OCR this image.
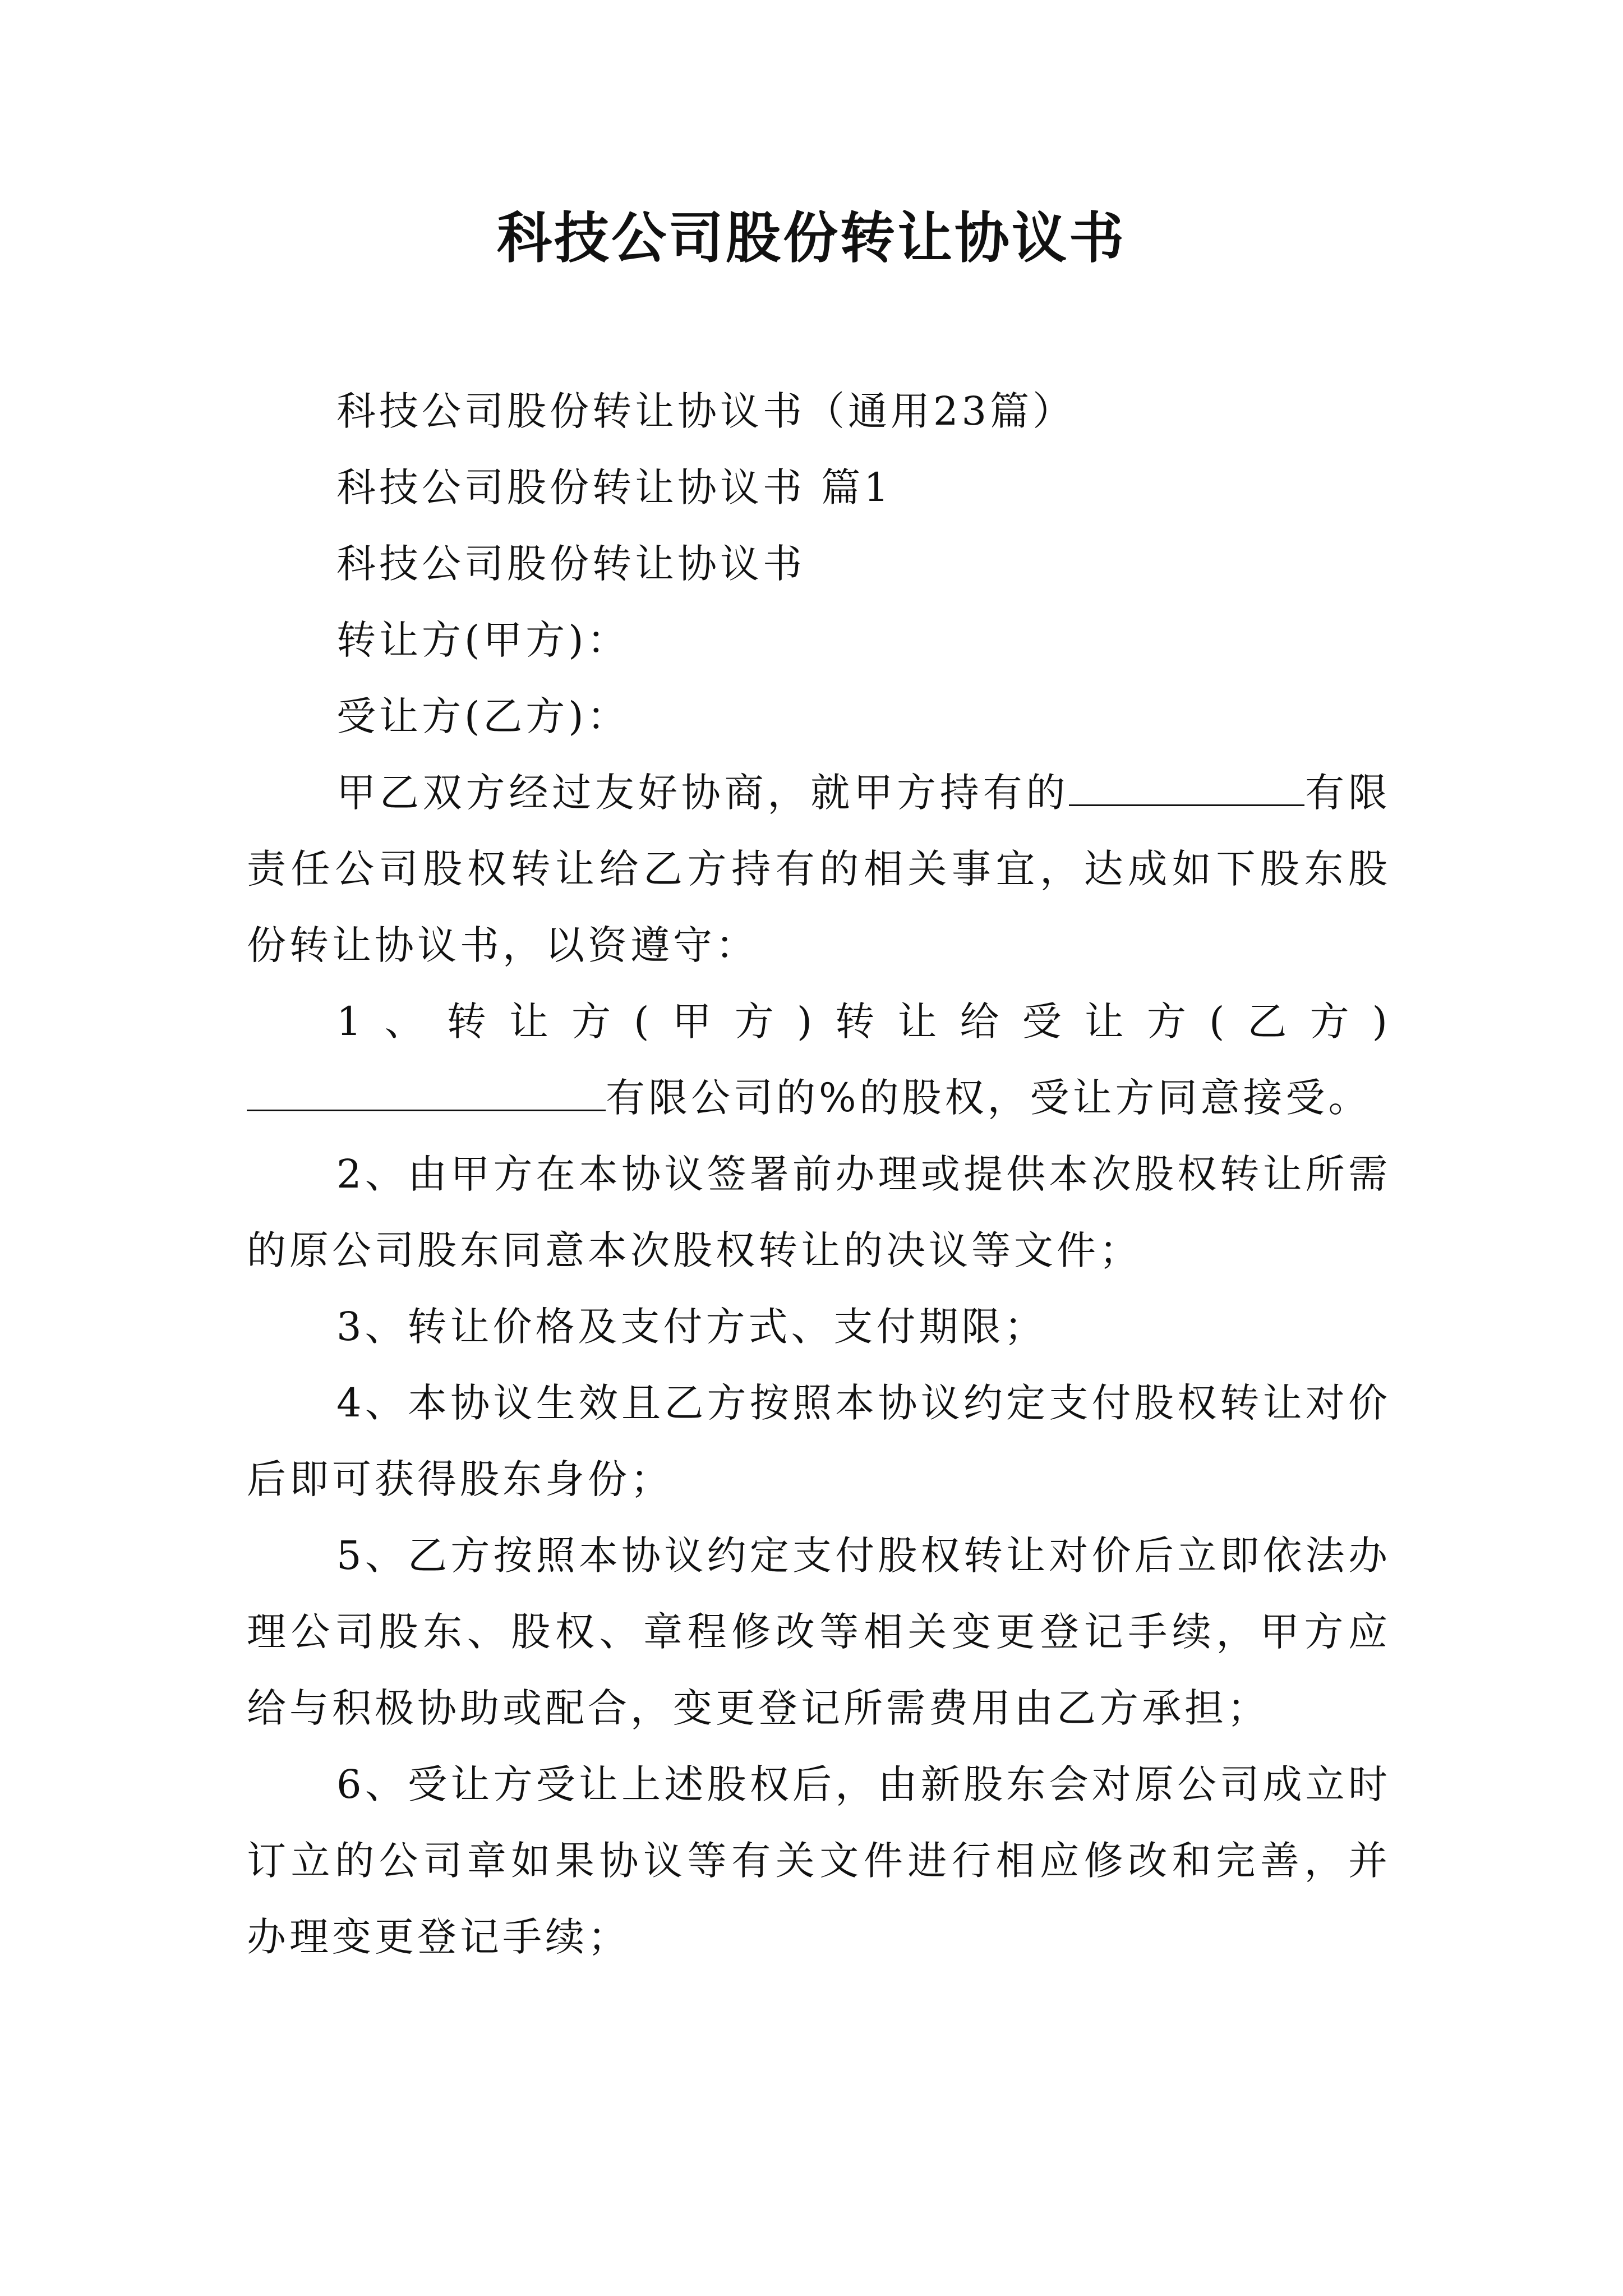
科技公司股份转让协议书

科技公司股份转让协议书（通用23篇）

科技公司股份转让协议书 篇1

科技公司股份转让协议书

转让方(甲方)：

受让方(乙方)：

甲乙双方经过友好协商，就甲方持有的	有限责任公司股权转让给乙方持有的相关事宜，达成如下股东股份转让协议书，以资遵守：

1、转让方(甲方)转让给受让方(乙方)有限公司的%的股权，受让方同意接受。

2、由甲方在本协议签署前办理或提供本次股权转让所需的原公司股东同意本次股权转让的决议等文件；

3、转让价格及支付方式、支付期限；

4、本协议生效且乙方按照本协议约定支付股权转让对价后即可获得股东身份；

5、乙方按照本协议约定支付股权转让对价后立即依法办理公司股东、股权、章程修改等相关变更登记手续，甲方应给与积极协助或配合，变更登记所需费用由乙方承担；

6、受让方受让上述股权后，由新股东会对原公司成立时订立的公司章如果协议等有关文件进行相应修改和完善，并办理变更登记手续；
